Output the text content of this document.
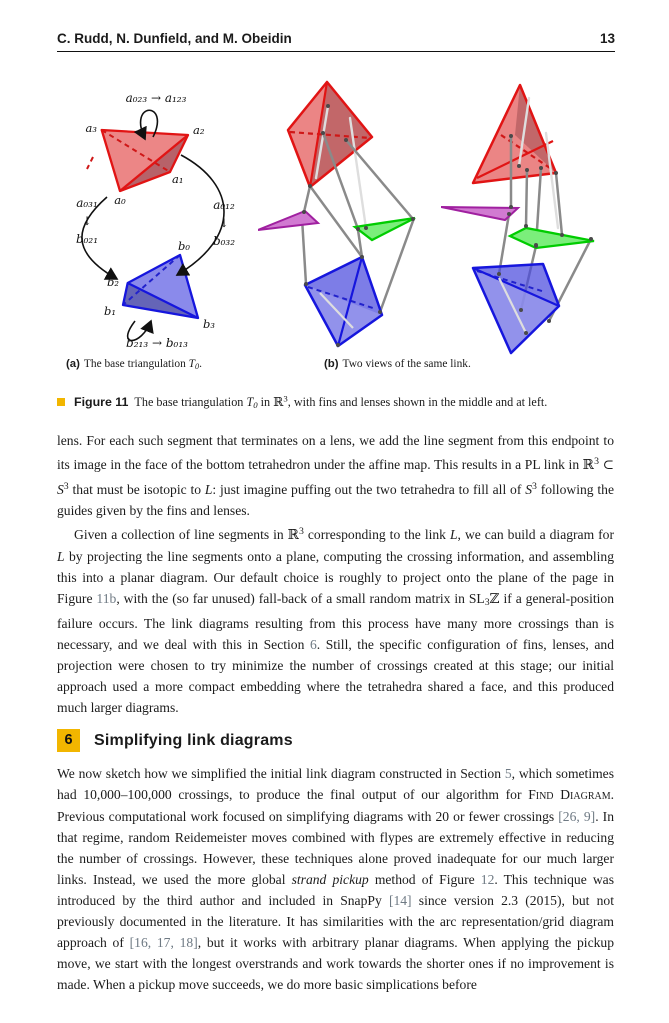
C. Rudd, N. Dunfield, and M. Obeidin	13
a₀₂₃ → a₁₂₃
b₂₁₃ → b₀₁₃
a₀₃₁
↓
b₀₂₁
a₀₁₂
↓
b₀₃₂
a₃	a₂
a₁
a₀
b₀
b₂
b₁
b₃
(a) The base triangulation T0.	(b) Two views of the same link.
Figure 11 The base triangulation T0 in ℝ$^3$, with fins and lenses shown in the middle and at left.

lens. For each such segment that terminates on a lens, we add the line segment from this endpoint to its image in the face of the bottom tetrahedron under the affine map. This results in a PL link in ℝ$^3$ ⊂ $S^3$ that must be isotopic to L: just imagine puffing out the two tetrahedra to fill all of $S^3$ following the guides given by the fins and lenses.

Given a collection of line segments in ℝ$^3$ corresponding to the link L, we can build a diagram for L by projecting the line segments onto a plane, computing the crossing information, and assembling this into a planar diagram. Our default choice is roughly to project onto the plane of the page in Figure 11b, with the (so far unused) fall-back of a small random matrix in SL3ℤ if a general-position failure occurs. The link diagrams resulting from this process have many more crossings than is necessary, and we deal with this in Section 6. Still, the specific configuration of fins, lenses, and projection were chosen to try minimize the number of crossings created at this stage; our initial approach used a more compact embedding where the tetrahedra shared a face, and this produced much larger diagrams.

6	Simplifying link diagrams

We now sketch how we simplified the initial link diagram constructed in Section 5, which sometimes had 10,000–100,000 crossings, to produce the final output of our algorithm for Find Diagram. Previous computational work focused on simplifying diagrams with 20 or fewer crossings [26, 9]. In that regime, random Reidemeister moves combined with flypes are extremely effective in reducing the number of crossings. However, these techniques alone proved inadequate for our much larger links. Instead, we used the more global strand pickup method of Figure 12. This technique was introduced by the third author and included in SnapPy [14] since version 2.3 (2015), but not previously documented in the literature. It has similarities with the arc representation/grid diagram approach of [16, 17, 18], but it works with arbitrary planar diagrams. When applying the pickup move, we start with the longest overstrands and work towards the shorter ones if no improvement is made. When a pickup move succeeds, we do more basic simplications before
